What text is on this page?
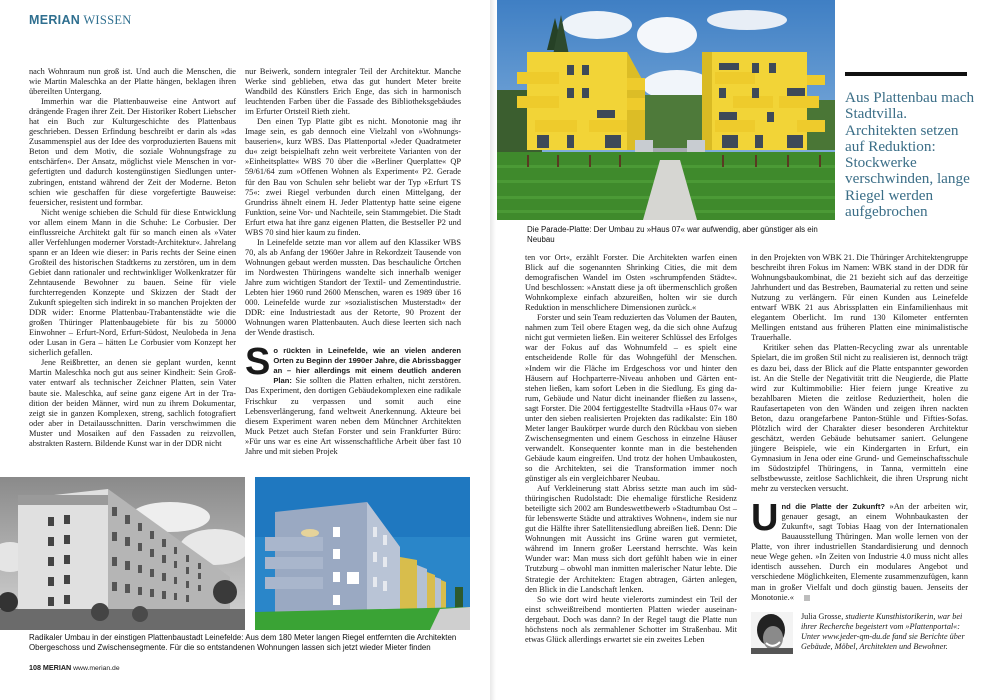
MERIAN WISSEN

nach Wohnraum nun groß ist. Und auch die Menschen, die wie Martin Maleschka an der Platte hängen, beklagen ihren übereilten Untergang.

Immerhin war die Plattenbauweise eine Antwort auf drängende Fragen ihrer Zeit. Der Historiker Robert Liebscher hat ein Buch zur Kulturgeschichte des Plattenbaus geschrieben. Dessen Erfindung beschreibt er darin als »das Zusammenspiel aus der Idee des vorproduzierten Bauens mit Beton und dem Motiv, die soziale Wohnungsfrage zu entschärfen«. Der Ansatz, möglichst viele Menschen in vorgefertigten und dadurch kostengünstigen Siedlungen unterzubringen, entstand während der Zeit der Moderne. Beton schien wie geschaffen für diese vorgefertigte Bauweise: feuersicher, resistent und formbar.

Nicht wenige schieben die Schuld für diese Entwicklung vor allem einem Mann in die Schuhe: Le Corbusier. Der einflussreiche Architekt galt für so manch einen als »Vater aller Verfehlungen moderner Vorstadt-Architektur«. Jahrelang spann er an Ideen wie dieser: in Paris rechts der Seine einen Großteil des historischen Stadtkerns zu zerstören, um in dem Gebiet dann rationaler und rechtwinkliger Wolkenkratzer für Zehntausende Bewohner zu bauen. Seine für viele furchterregenden Konzepte und Skizzen der Stadt der Zukunft spiegelten sich indirekt in so manchen Projekten der DDR wider: Enorme Plattenbau-Trabantenstädte wie die großen Thüringer Plattenbaugebiete für bis zu 50000 Einwohner – Erfurt-Nord, Erfurt-Südost, Neulobeda in Jena oder Lusan in Gera – hätten Le Corbusier vom Konzept her sicherlich gefallen.

Jene Reißbretter, an denen sie geplant wurden, kennt Martin Maleschka noch gut aus seiner Kindheit: Sein Großvater entwarf als technischer Zeichner Platten, sein Vater baute sie. Maleschka, auf seine ganz eigene Art in der Tradition der beiden Männer, wird nun zu ihrem Dokumentar, zeigt sie in ganzen Komplexen, streng, sachlich fotografiert oder aber in Detailausschnitten. Darin verschwimmen die Muster und Mosaiken auf den Fassaden zu reizvollen, abstrakten Rastern. Bildende Kunst war in der DDR nicht

nur Beiwerk, sondern integraler Teil der Architektur. Manche Werke sind geblieben, etwa das gut hundert Meter breite Wandbild des Künstlers Erich Enge, das sich in harmonisch leuchtenden Farben über die Fassade des Bibliotheksgebäudes im Erfurter Ortsteil Rieth zieht.

Den einen Typ Platte gibt es nicht. Monotonie mag ihr Image sein, es gab dennoch eine Vielzahl von »Wohnungsbauserien«, kurz WBS. Das Plattenportal »Jeder Quadratmeter du« zeigt beispielhaft zehn weit verbreitete Varianten von der »Einheitsplatte« WBS 70 über die »Berliner Querplatte« QP 59/61/64 zum »Offenen Wohnen als Experiment« P2. Gerade für den Bau von Schulen sehr beliebt war der Typ »Erfurt TS 75«: zwei Riegel verbunden durch einen Mittelgang, der Grundriss ähnelt einem H. Jeder Plattentyp hatte seine eigene Funktion, seine Vor- und Nachteile, sein Stammgebiet. Die Stadt Erfurt etwa hat ihre ganz eigenen Platten, die Bestseller P2 und WBS 70 sind hier kaum zu finden.

In Leinefelde setzte man vor allem auf den Klassiker WBS 70, als ab Anfang der 1960er Jahre in Rekordzeit Tausende von Wohnungen gebaut werden mussten. Das beschauliche Örtchen im Nordwesten Thüringens wandelte sich innerhalb weniger Jahre zum wichtigen Standort der Textil- und Zementindustrie. Lebten hier 1960 rund 2600 Menschen, waren es 1989 über 16 000. Leinefelde wurde zur »sozialistischen Musterstadt« der DDR: eine Industriestadt aus der Retorte, 90 Prozent der Wohnungen waren Plattenbauten. Auch diese leerten sich nach der Wende drastisch.

So rückten in Leinefelde, wie an vielen anderen Orten zu Beginn der 1990er Jahre, die Abrissbagger an – hier allerdings mit einem deutlich anderen Plan: Sie sollten die Platten erhalten, nicht zerstören. Das Experiment, den dortigen Gebäudekomplexen eine radikale Frischkur zu verpassen und somit auch eine Lebensverlängerung, fand weltweit Anerkennung. Akteure bei diesem Experiment waren neben dem Münchner Architekten Muck Petzet auch Stefan Forster und sein Frankfurter Büro: »Für uns war es eine Art wissenschaftliche Arbeit über fast 10 Jahre und mit sieben Projek

Radikaler Umbau in der einstigen Plattenbaustadt Leinefelde: Aus dem 180 Meter langen Riegel entfernten die Architekten Obergeschoss und Zwischensegmente. Für die so entstandenen Wohnungen lassen sich jetzt wieder Mieter finden
108 MERIAN www.merian.de
Die Parade-Platte: Der Umbau zu »Haus 07« war aufwendig, aber günstiger als ein Neubau
Aus Plattenbau mach Stadtvilla. Architekten setzen auf Reduktion: Stockwerke verschwinden, lange Riegel werden aufgebrochen

ten vor Ort«, erzählt Forster. Die Architekten warfen einen Blick auf die sogenannten Shrinking Cities, die mit dem demografischen Wandel im Osten »schrumpfenden Städte«. Und beschlossen: »Anstatt diese ja oft übermenschlich großen Wohnkomplexe einfach abzureißen, holten wir sie durch Reduktion in menschlichere Dimensionen zurück.«

Forster und sein Team reduzierten das Volumen der Bauten, nahmen zum Teil obere Etagen weg, da die sich ohne Aufzug nicht gut vermieten ließen. Ein weiterer Schlüssel des Erfolges war der Fokus auf das Wohnumfeld – es spielt eine entscheidende Rolle für das Wohngefühl der Menschen. »Indem wir die Fläche im Erdgeschoss vor und hinter den Häusern auf Hochparterre-Niveau anhoben und Gärten entstehen ließen, kam sofort Leben in die Siedlung. Es ging darum, Gebäude und Natur dicht ineinander fließen zu lassen«, sagt Forster. Die 2004 fertiggestellte Stadtvilla »Haus 07« war unter den sieben realisierten Projekten das radikalste: Ein 180 Meter langer Baukörper wurde durch den Rückbau von sieben Zwischensegmenten und einem Geschoss in einzelne Häuser verwandelt. Konsequenter konnte man in die bestehenden Gebäude kaum eingreifen. Und trotz der hohen Umbaukosten, so die Architekten, sei die Transformation immer noch günstiger als ein vergleichbarer Neubau.

Auf Verkleinerung statt Abriss setzte man auch im südthüringischen Rudolstadt: Die ehemalige fürstliche Residenz beteiligte sich 2002 am Bundeswettbewerb »Stadtumbau Ost – für lebenswerte Städte und attraktives Wohnen«, indem sie nur gut die Hälfte ihrer Satellitensiedlung abreißen ließ. Denn: Die Wohnungen mit Aussicht ins Grüne waren gut vermietet, während im Innern großer Leerstand herrschte. Was kein Wunder war: Man muss sich dort gefühlt haben wie in einer Trutzburg – obwohl man inmitten malerischer Natur lebte. Die Strategie der Architekten: Etagen abtragen, Gärten anlegen, den Blick in die Landschaft lenken.

So wie dort wird heute vielerorts zumindest ein Teil der einst schweißtreibend montierten Platten wieder auseinandergebaut. Doch was dann? In der Regel taugt die Platte nun höchstens noch als zermahlener Schotter im Straßenbau. Mit etwas Glück allerdings erwartet sie ein zweites Leben

in den Projekten von WBK 21. Die Thüringer Architektengruppe beschreibt ihren Fokus im Namen: WBK stand in der DDR für Wohnungsbaukombinat, die 21 bezieht sich auf das derzeitige Jahrhundert und das Bestreben, Baumaterial zu retten und seine Nutzung zu verlängern. Für einen Kunden aus Leinefelde entwarf WBK 21 aus Abrissplatten ein Einfamilienhaus mit elegantem Oberlicht. Im rund 130 Kilometer entfernten Mellingen entstand aus früheren Platten eine minimalistische Trauerhalle.

Kritiker sehen das Platten-Recycling zwar als unrentable Spielart, die im großen Stil nicht zu realisieren ist, dennoch trägt es dazu bei, dass der Blick auf die Platte entspannter geworden ist. An die Stelle der Negativität tritt die Neugierde, die Platte wird zur Kultimmobilie: Hier feiern junge Kreative zu bezahlbaren Mieten die zeitlose Reduziertheit, holen die Raufasertapeten von den Wänden und zeigen ihren nackten Beton, dazu orangefarbene Panton-Stühle und Fifties-Sofas. Plötzlich wird der Charakter dieser besonderen Architektur geschätzt, werden Gebäude behutsamer saniert. Gelungene jüngere Beispiele, wie ein Kindergarten in Erfurt, ein Gymnasium in Jena oder eine Grund- und Gemeinschaftsschule im Südostzipfel Thüringens, in Tanna, vermitteln eine selbstbewusste, zeitlose Sachlichkeit, die ihren Ursprung nicht mehr zu verstecken versucht.

Und die Platte der Zukunft? »An der arbeiten wir, genauer gesagt, an einem Wohnbaukasten der Zukunft«, sagt Tobias Haag von der Internationalen Bauausstellung Thüringen. Man wolle lernen von der Platte, von ihrer industriellen Standardisierung und dennoch neue Wege gehen. »In Zeiten von Industrie 4.0 muss nicht alles identisch aussehen. Durch ein modulares Angebot und verschiedene Möglichkeiten, Elemente zusammenzufügen, kann man in großer Vielfalt und doch günstig bauen. Jenseits der Monotonie.«

Julia Grosse, studierte Kunsthistorikerin, war bei ihrer Recherche begeistert vom »Plattenportal«: Unter www.jeder-qm-du.de fand sie Berichte über Gebäude, Möbel, Architekten und Bewohner.
